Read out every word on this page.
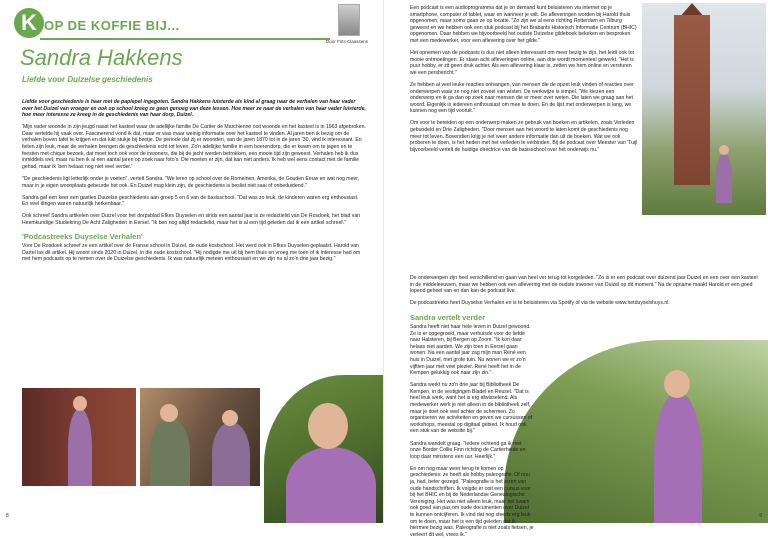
K OP DE KOFFIE BIJ...
Door Frits Claassens
Sandra Hakkens
Liefde voor Duizelse geschiedenis

Liefde voor geschiedenis is haar met de paplepel ingegoten. Sandra Hakkens luisterde als kind al graag naar de verhalen van haar vader over het Duizel van vroeger en ook op school kreeg ze geen genoeg van deze lessen. Hoe meer ze naar de verhalen van haar vader luisterde, hoe meer interesse ze kreeg in de geschiedenis van haar dorp, Duizel.

'Mijn vader woonde in zijn jeugd naast het kasteel waar de adellijke familie De Cartier de Marchienne ooit woonde en het kasteel is in 1963 afgebroken. Daar vertelde hij vaak over. Fascinerend vond ik dat, maar er was maar weinig informatie over het kasteel te vinden. Al jaren ben ik bezig om de verhalen boven tafel te krijgen en dat lukt stukje bij beetje. De periode dat zij er woonden, van de jaren 1870 tot in de jaren '30, vind ik interessant. En feiten zijn leuk, maar de verhalen brengen de geschiedenis echt tot leven. Zo'n adellijke familie in een boerendorp, die er kwam om te jagen en te feesten met chique bezoek, dat moet toch ook voor de inwoners, die bij de jacht werden betrokken, een mooie tijd zijn geweest. Verhalen heb ik dus inmiddels wel, maar nu ben ik al een aantal jaren op zoek naar foto's. Die moeten er zijn, dat kan niet anders. Ik heb wel eens contact met de familie gehad, maar ik 'ben helaas nog niet veel verder.'

"De geschiedenis ligt letterlijk onder je voeten", vertelt Sandra. "We leren op school over de Romeinen, Amerika, de Gouden Eeuw en wat nog meer, maar in je eigen woonplaats gebeurde het ook. En Duizel mag klein zijn, de geschiedenis is beslist niet saai of onbeduidend."

Sandra gaf een keer een gastles Duizelse geschiedenis aan groep 5 en 6 van de basisschool. "Dat was zo leuk, de kinderen waren erg enthousiast. En veel dingen waren natuurlijk herkenbaar."

Ook schreef Sandra artikelen over Duizel voor het dorpsblad Efkes Duyselen en sinds een aantal jaar is ze redactielid van De Rosdoek, het blad van Heemkundige Studiekring De Acht Zaligheden in Eersel. "Ik ben nog altijd redactielid, maar het is al een tijd geleden dat ik een artikel schreef."

'Podcastreeks Duyselse Verhalen'

Voor De Rosdoek schreef ze een artikel over de Franse school in Duizel, de oude kostschool. Het werd ook in Efkes Duyselen geplaatst. Harold van Dartel las dit artikel. Hij woont sinds 2020 in Duizel, in die oude kostschool. "Hij nodigde me uit bij hem thuis en vroeg me toen of ik interesse had om met hem podcasts op te nemen over de Duizelse geschiedenis. Ik was natuurlijk meteen enthousiast en we zijn nu al zo'n drie jaar bezig."

8

Een podcast is een audioprogramma dat je on demand kunt beluisteren via internet op je smartphone, computer of tablet, waar en wanneer je wilt. De afleveringen worden bij Harold thuis opgenomen, maar soms gaan ze op locatie. "Zo zijn we al eens richting Rotterdam en Tilburg geweest en we hebben ook een stuk podcast bij het Brabants Historisch Informatie Centrum (BHIC) opgenomen. Daar hebben we bijvoorbeeld het oudste Duizelse gildeboek bekeken en besproken met een medewerker, voor een aflevering over het gilde."

Het opnemen van de podcasts is dus niet alleen interessant om meer bezig te zijn, het leidt ook tot mooie ontmoetingen. Er staan acht afleveringen online, aan drie wordt momenteel gewerkt. "Het is puur hobby, er zit geen druk achter. Als een aflevering klaar is, zetten we hem online en versturen we een persbericht."

Ze hebben al veel leuke reacties ontvangen, van mensen die de opzet leuk vinden of reacties over onderwerpen waar ze nog niet zoveel van wisten. De werkwijze is simpel. "We kiezen een onderwerp en ik ga dan op zoek naar mensen die er meer over weten. Die laten we graag aan het woord. Eigenlijk is iedereen enthousiast om mee te doen. En de lijst met onderwerpen is lang, we kunnen nog een tijd vooruit."

Om voor te bereiden op een onderwerp maken ze gebruik van boeken en artikelen, zoals Verleden gebundeld en Drie Zaligheden. "Door mensen aan het woord te laten komt de geschiedenis nog meer tot leven. Bovendien krijg je net weer andere informatie dan uit de boeken. Wat we ook proberen te doen, is het heden met het verleden te verbinden. Bij de podcast over Meester van 'Tuijl bijvoorbeeld vertelt de huidige directrice van de basisschool over het onderwijs nu."

De onderwerpen zijn heel verschillend en gaan van heel ver terug tot korgeleden. "Zo is er een podcast over duizend jaar Duizel en een over een kasteel in de middeleeuwen, maar we hebben ook een aflevering met de oudste inwoner van Duizel op dit moment." Na de opname maakt Harold er een goed lopend geheel van en dan kan de podcast live.

De podcastreeks heet Duyselse Verhalen en is te beluisteren via Spotify of via de website www.hetduyselshuys.nl.

Sandra vertelt verder

Sandra heeft niet haar hele leven in Duizel gewoond. Ze is er opgegroeid, maar verhuisde voor de liefde naar Halsteren, bij Bergen op Zoom. "Ik kon daar helaas niet aarden. We zijn toen in Eersel gaan wonen. Na een aantal jaar zag mijn man René een huis in Duizel, met grote tuin. Nu wonen we er zo'n vijftien jaar met veel plezier. René heeft het in de Kempen gelukkig ook naar zijn zin."

Sandra werkt nu zo'n drie jaar bij Bibliotheek De Kempen, in de vestigingen Bladel en Reusel. "Dat is heel leuk werk, want het is erg afwisselend. Als medewerker werk je niet alleen in de bibliotheek zelf, maar je doet ook veel achter de schermen. Zo organiseren we activiteiten en geven we cursussen of workshops, meestal op digitaal gebied. Ik houd ook een stuk van de website bij."

Sandra wandelt graag, "Iedere ochtend ga ik met onze Border Collie Finn richting de Cartierheide en loop daar minstens een uur. Heerlijk."

En om nog maar weer terug te komen op geschiedenis: ze heeft als hobby paleografie. Of nou ja, had, beter gezegd. "Paleografie is het lezen van oude handschriften. Ik volgde er ooit een cursus voor bij het BHIC en bij de Nederlandse Genealogische Vereniging. Het was niet alleen leuk, maar het kwam ook goed van pas om oude documenten over Duizel te kunnen ontcijferen. Ik vind dat nog steeds erg leuk om te doen, maar het is een tijd geleden dat ik hiermee bezig was. Paleografie is niet zoals fietsen, je verleert dit wel, vrees ik."

9
